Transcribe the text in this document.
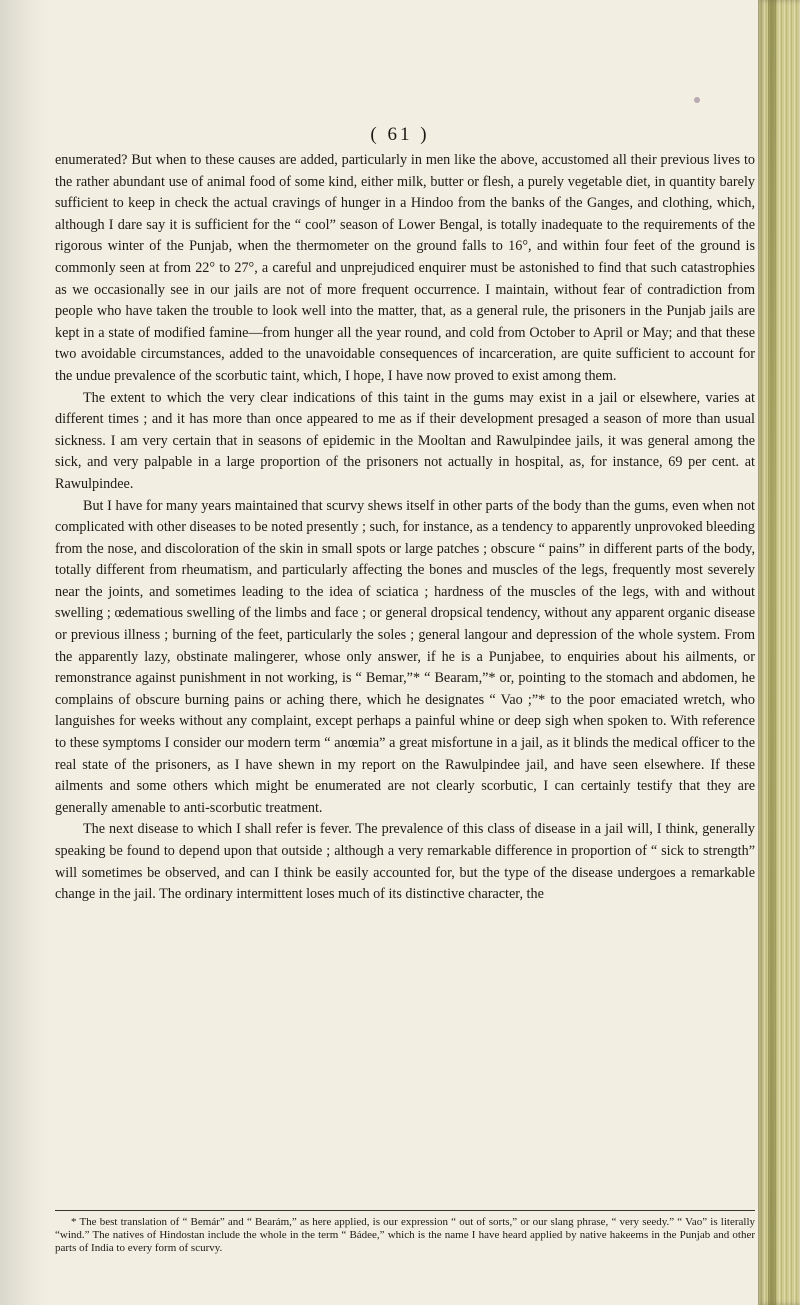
( 61 )

enumerated? But when to these causes are added, particularly in men like the above, accustomed all their previous lives to the rather abundant use of animal food of some kind, either milk, butter or flesh, a purely vegetable diet, in quantity barely sufficient to keep in check the actual cravings of hunger in a Hindoo from the banks of the Ganges, and clothing, which, although I dare say it is sufficient for the “ cool” season of Lower Bengal, is totally inadequate to the requirements of the rigorous winter of the Punjab, when the thermometer on the ground falls to 16°, and within four feet of the ground is commonly seen at from 22° to 27°, a careful and unprejudiced enquirer must be astonished to find that such catastrophies as we occasionally see in our jails are not of more frequent occurrence. I maintain, without fear of contradiction from people who have taken the trouble to look well into the matter, that, as a general rule, the prisoners in the Punjab jails are kept in a state of modified famine—from hunger all the year round, and cold from October to April or May; and that these two avoidable circumstances, added to the unavoidable consequences of incarceration, are quite sufficient to account for the undue prevalence of the scorbutic taint, which, I hope, I have now proved to exist among them.

The extent to which the very clear indications of this taint in the gums may exist in a jail or elsewhere, varies at different times ; and it has more than once appeared to me as if their development presaged a season of more than usual sickness. I am very certain that in seasons of epidemic in the Mooltan and Rawulpindee jails, it was general among the sick, and very palpable in a large proportion of the prisoners not actually in hospital, as, for instance, 69 per cent. at Rawulpindee.

But I have for many years maintained that scurvy shews itself in other parts of the body than the gums, even when not complicated with other diseases to be noted presently ; such, for instance, as a tendency to apparently unprovoked bleeding from the nose, and discoloration of the skin in small spots or large patches ; obscure “ pains” in different parts of the body, totally different from rheumatism, and particularly affecting the bones and muscles of the legs, frequently most severely near the joints, and sometimes leading to the idea of sciatica ; hardness of the muscles of the legs, with and without swelling ; œdematious swelling of the limbs and face ; or general dropsical tendency, without any apparent organic disease or previous illness ; burning of the feet, particularly the soles ; general langour and depression of the whole system. From the apparently lazy, obstinate malingerer, whose only answer, if he is a Punjabee, to enquiries about his ailments, or remonstrance against punishment in not working, is “ Bemar,”* “ Bearam,”* or, pointing to the stomach and abdomen, he complains of obscure burning pains or aching there, which he designates “ Vao ;”* to the poor emaciated wretch, who languishes for weeks without any complaint, except perhaps a painful whine or deep sigh when spoken to. With reference to these symptoms I consider our modern term “ anœmia” a great misfortune in a jail, as it blinds the medical officer to the real state of the prisoners, as I have shewn in my report on the Rawulpindee jail, and have seen elsewhere. If these ailments and some others which might be enumerated are not clearly scorbutic, I can certainly testify that they are generally amenable to anti-scorbutic treatment.

The next disease to which I shall refer is fever. The prevalence of this class of disease in a jail will, I think, generally speaking be found to depend upon that outside ; although a very remarkable difference in proportion of “ sick to strength” will sometimes be observed, and can I think be easily accounted for, but the type of the disease undergoes a remarkable change in the jail. The ordinary intermittent loses much of its distinctive character, the

* The best translation of “ Bemár” and “ Bearám,” as here applied, is our expression “ out of sorts,” or our slang phrase, “ very seedy.” “ Vao” is literally “wind.” The natives of Hindostan include the whole in the term “ Bádee,” which is the name I have heard applied by native hakeems in the Punjab and other parts of India to every form of scurvy.
